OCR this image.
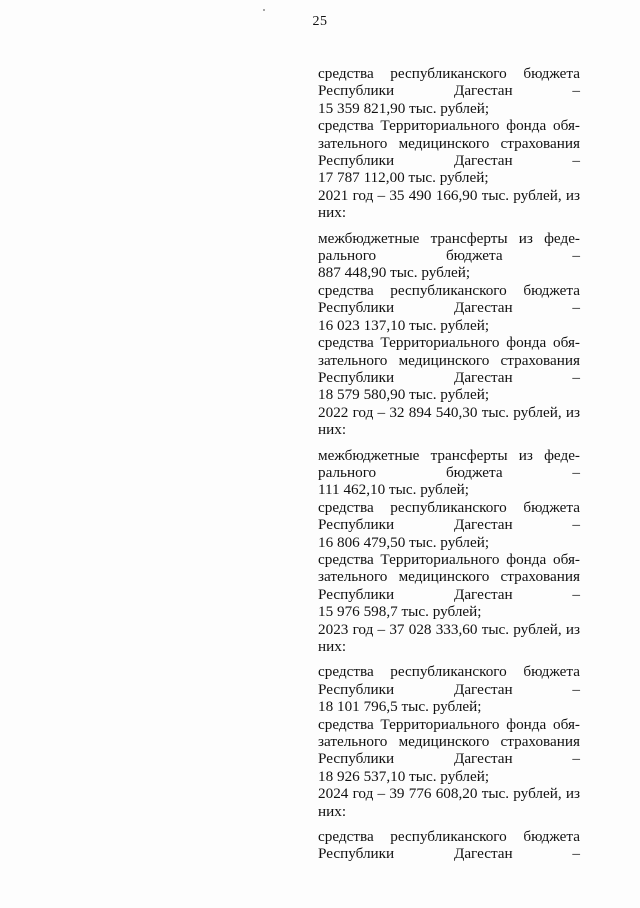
25

средства республиканского бюджета

Республики Дагестан –

15 359 821,90 тыс. рублей;

средства Территориального фонда обя-

зательного медицинского страхования

Республики Дагестан –

17 787 112,00 тыс. рублей;

2021 год – 35 490 166,90 тыс. рублей, из

них:

межбюджетные трансферты из феде-

рального бюджета –

887 448,90 тыс. рублей;

средства республиканского бюджета

Республики Дагестан –

16 023 137,10 тыс. рублей;

средства Территориального фонда обя-

зательного медицинского страхования

Республики Дагестан –

18 579 580,90 тыс. рублей;

2022 год – 32 894 540,30 тыс. рублей, из

них:

межбюджетные трансферты из феде-

рального бюджета –

111 462,10 тыс. рублей;

средства республиканского бюджета

Республики Дагестан –

16 806 479,50 тыс. рублей;

средства Территориального фонда обя-

зательного медицинского страхования

Республики Дагестан –

15 976 598,7 тыс. рублей;

2023 год – 37 028 333,60 тыс. рублей, из

них:

средства республиканского бюджета

Республики Дагестан –

18 101 796,5 тыс. рублей;

средства Территориального фонда обя-

зательного медицинского страхования

Республики Дагестан –

18 926 537,10 тыс. рублей;

2024 год – 39 776 608,20 тыс. рублей, из

них:

средства республиканского бюджета

Республики Дагестан –
